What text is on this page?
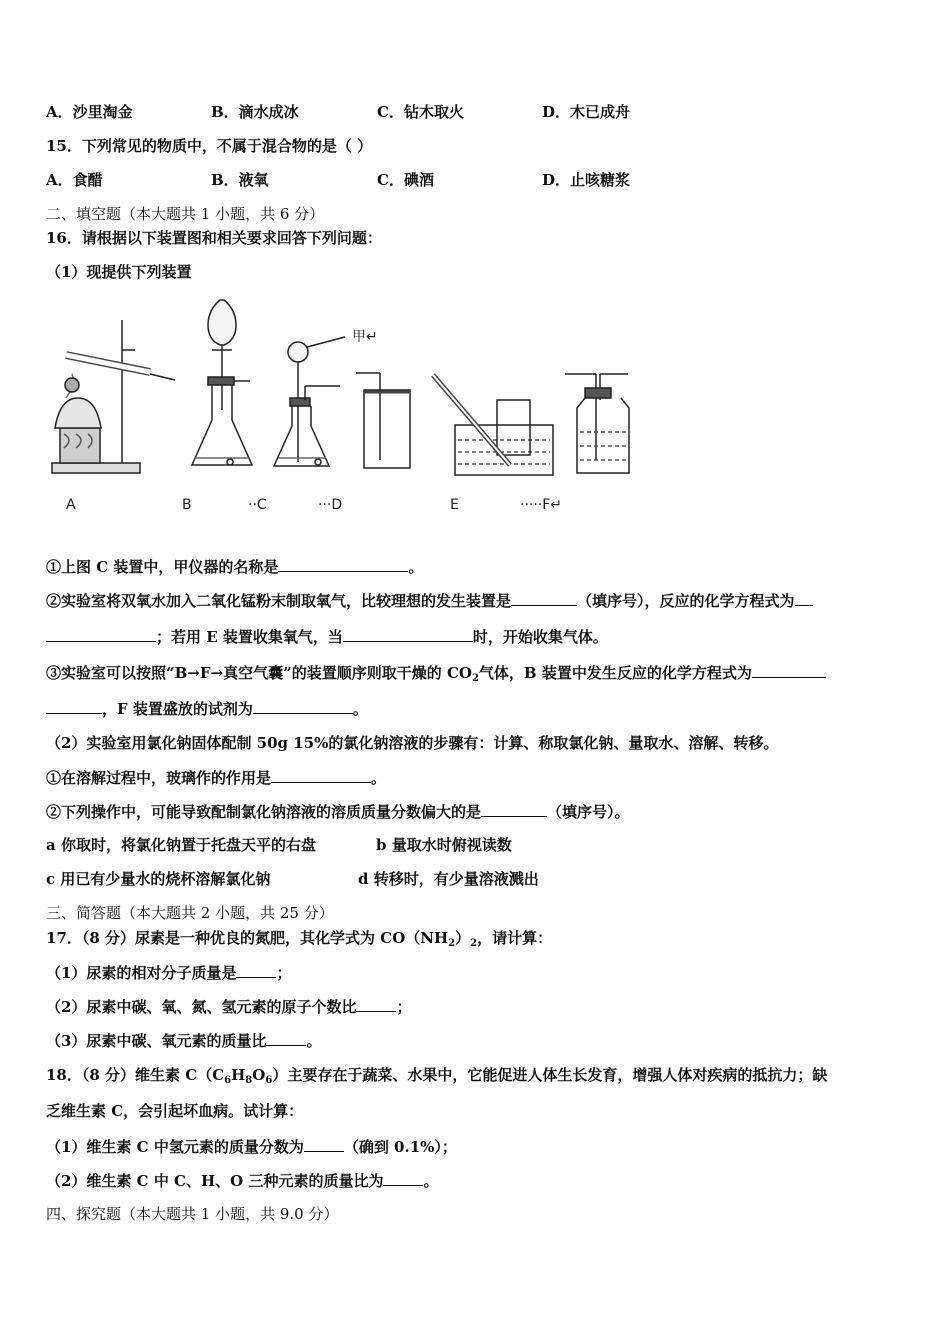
A．沙里淘金	B．滴水成冰	C．钻木取火	D．木已成舟
15．下列常见的物质中，不属于混合物的是（ ）
A．食醋	B．液氧	C．碘酒	D．止咳糖浆
二、填空题（本大题共 1 小题，共 6 分）
16．请根据以下装置图和相关要求回答下列问题：
（1）现提供下列装置
甲↵
A	B	··C	···D	E	·····F↵
①上图 C 装置中，甲仪器的名称是	。
②实验室将双氧水加入二氧化锰粉末制取氧气，比较理想的发生装置是	（填序号），反应的化学方程式为
；若用 E 装置收集氧气，当	时，开始收集气体。
③实验室可以按照“B→F→真空气囊”的装置顺序则取干燥的 $CO_2$气体，B 装置中发生反应的化学方程式为
，F 装置盛放的试剂为	。
（2）实验室用氯化钠固体配制 50g 15%的氯化钠溶液的步骤有：计算、称取氯化钠、量取水、溶解、转移。
①在溶解过程中，玻璃作的作用是	。
②下列操作中，可能导致配制氯化钠溶液的溶质质量分数偏大的是	（填序号）。
a 你取时，将氯化钠置于托盘天平的右盘	b 量取水时俯视读数
c 用已有少量水的烧杯溶解氯化钠	d 转移时，有少量溶液溅出
三、简答题（本大题共 2 小题，共 25 分）
17．（8 分）尿素是一种优良的氮肥，其化学式为 $CO(NH_2)_2$，请计算：
（1）尿素的相对分子质量是	；
（2）尿素中碳、氧、氮、氢元素的原子个数比	；
（3）尿素中碳、氧元素的质量比	。
18．（8 分）维生素 $C(C_6H_8O_6)$主要存在于蔬菜、水果中，它能促进人体生长发育，增强人体对疾病的抵抗力；缺
乏维生素 C，会引起坏血病。试计算：
（1）维生素 C 中氢元素的质量分数为	（确到 0.1%）；
（2）维生素 C 中 C、H、O 三种元素的质量比为	。
四、探究题（本大题共 1 小题，共 9.0 分）
